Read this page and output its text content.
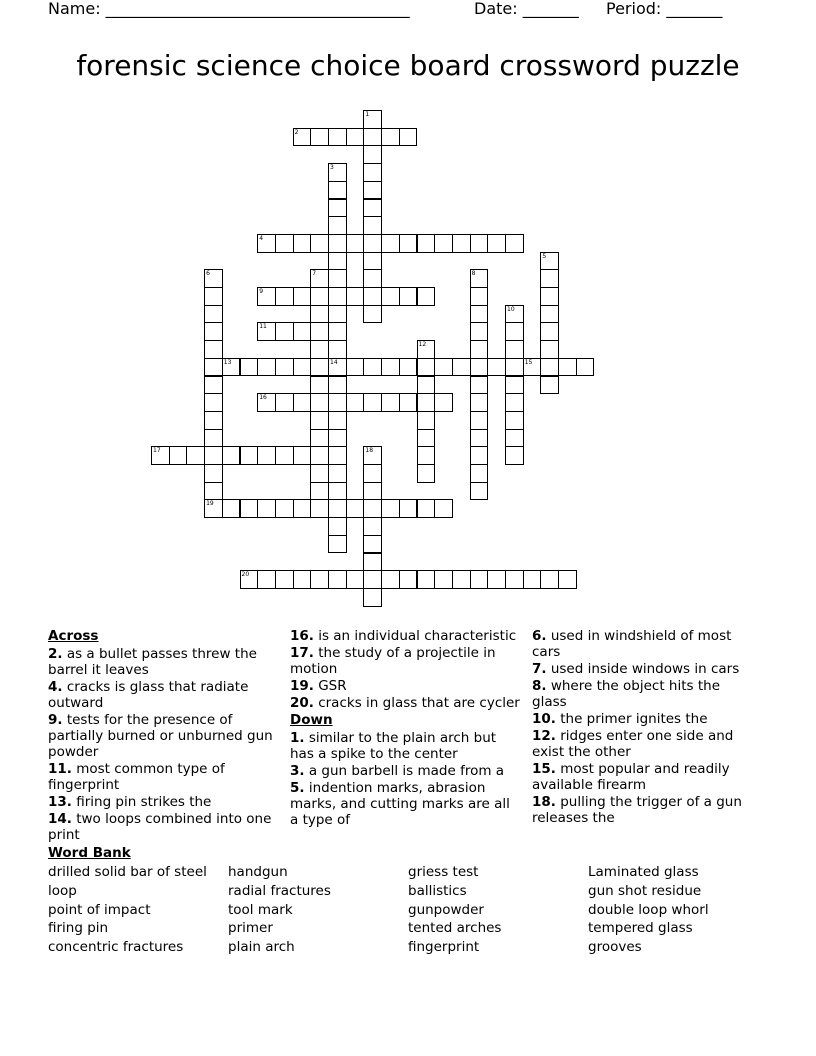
Name: ______________________________________	Date: _______ Period: _______
forensic science choice board crossword puzzle
1
2
3
4
5
6	7	8
9
10
11
12
13	14	15
16
17	18
19
20
Across
2. as a bullet passes threw the barrel it leaves
4. cracks is glass that radiate outward
9. tests for the presence of partially burned or unburned gun powder
11. most common type of fingerprint
13. firing pin strikes the
14. two loops combined into one print
16. is an individual characteristic
17. the study of a projectile in motion
19. GSR
20. cracks in glass that are cycler
Down
1. similar to the plain arch but has a spike to the center
3. a gun barbell is made from a
5. indention marks, abrasion marks, and cutting marks are all a type of
6. used in windshield of most cars
7. used inside windows in cars
8. where the object hits the glass
10. the primer ignites the
12. ridges enter one side and exist the other
15. most popular and readily available firearm
18. pulling the trigger of a gun releases the
Word Bank
drilled solid bar of steel
loop
point of impact
firing pin
concentric fractures
handgun
radial fractures
tool mark
primer
plain arch
griess test
ballistics
gunpowder
tented arches
fingerprint
Laminated glass
gun shot residue
double loop whorl
tempered glass
grooves
